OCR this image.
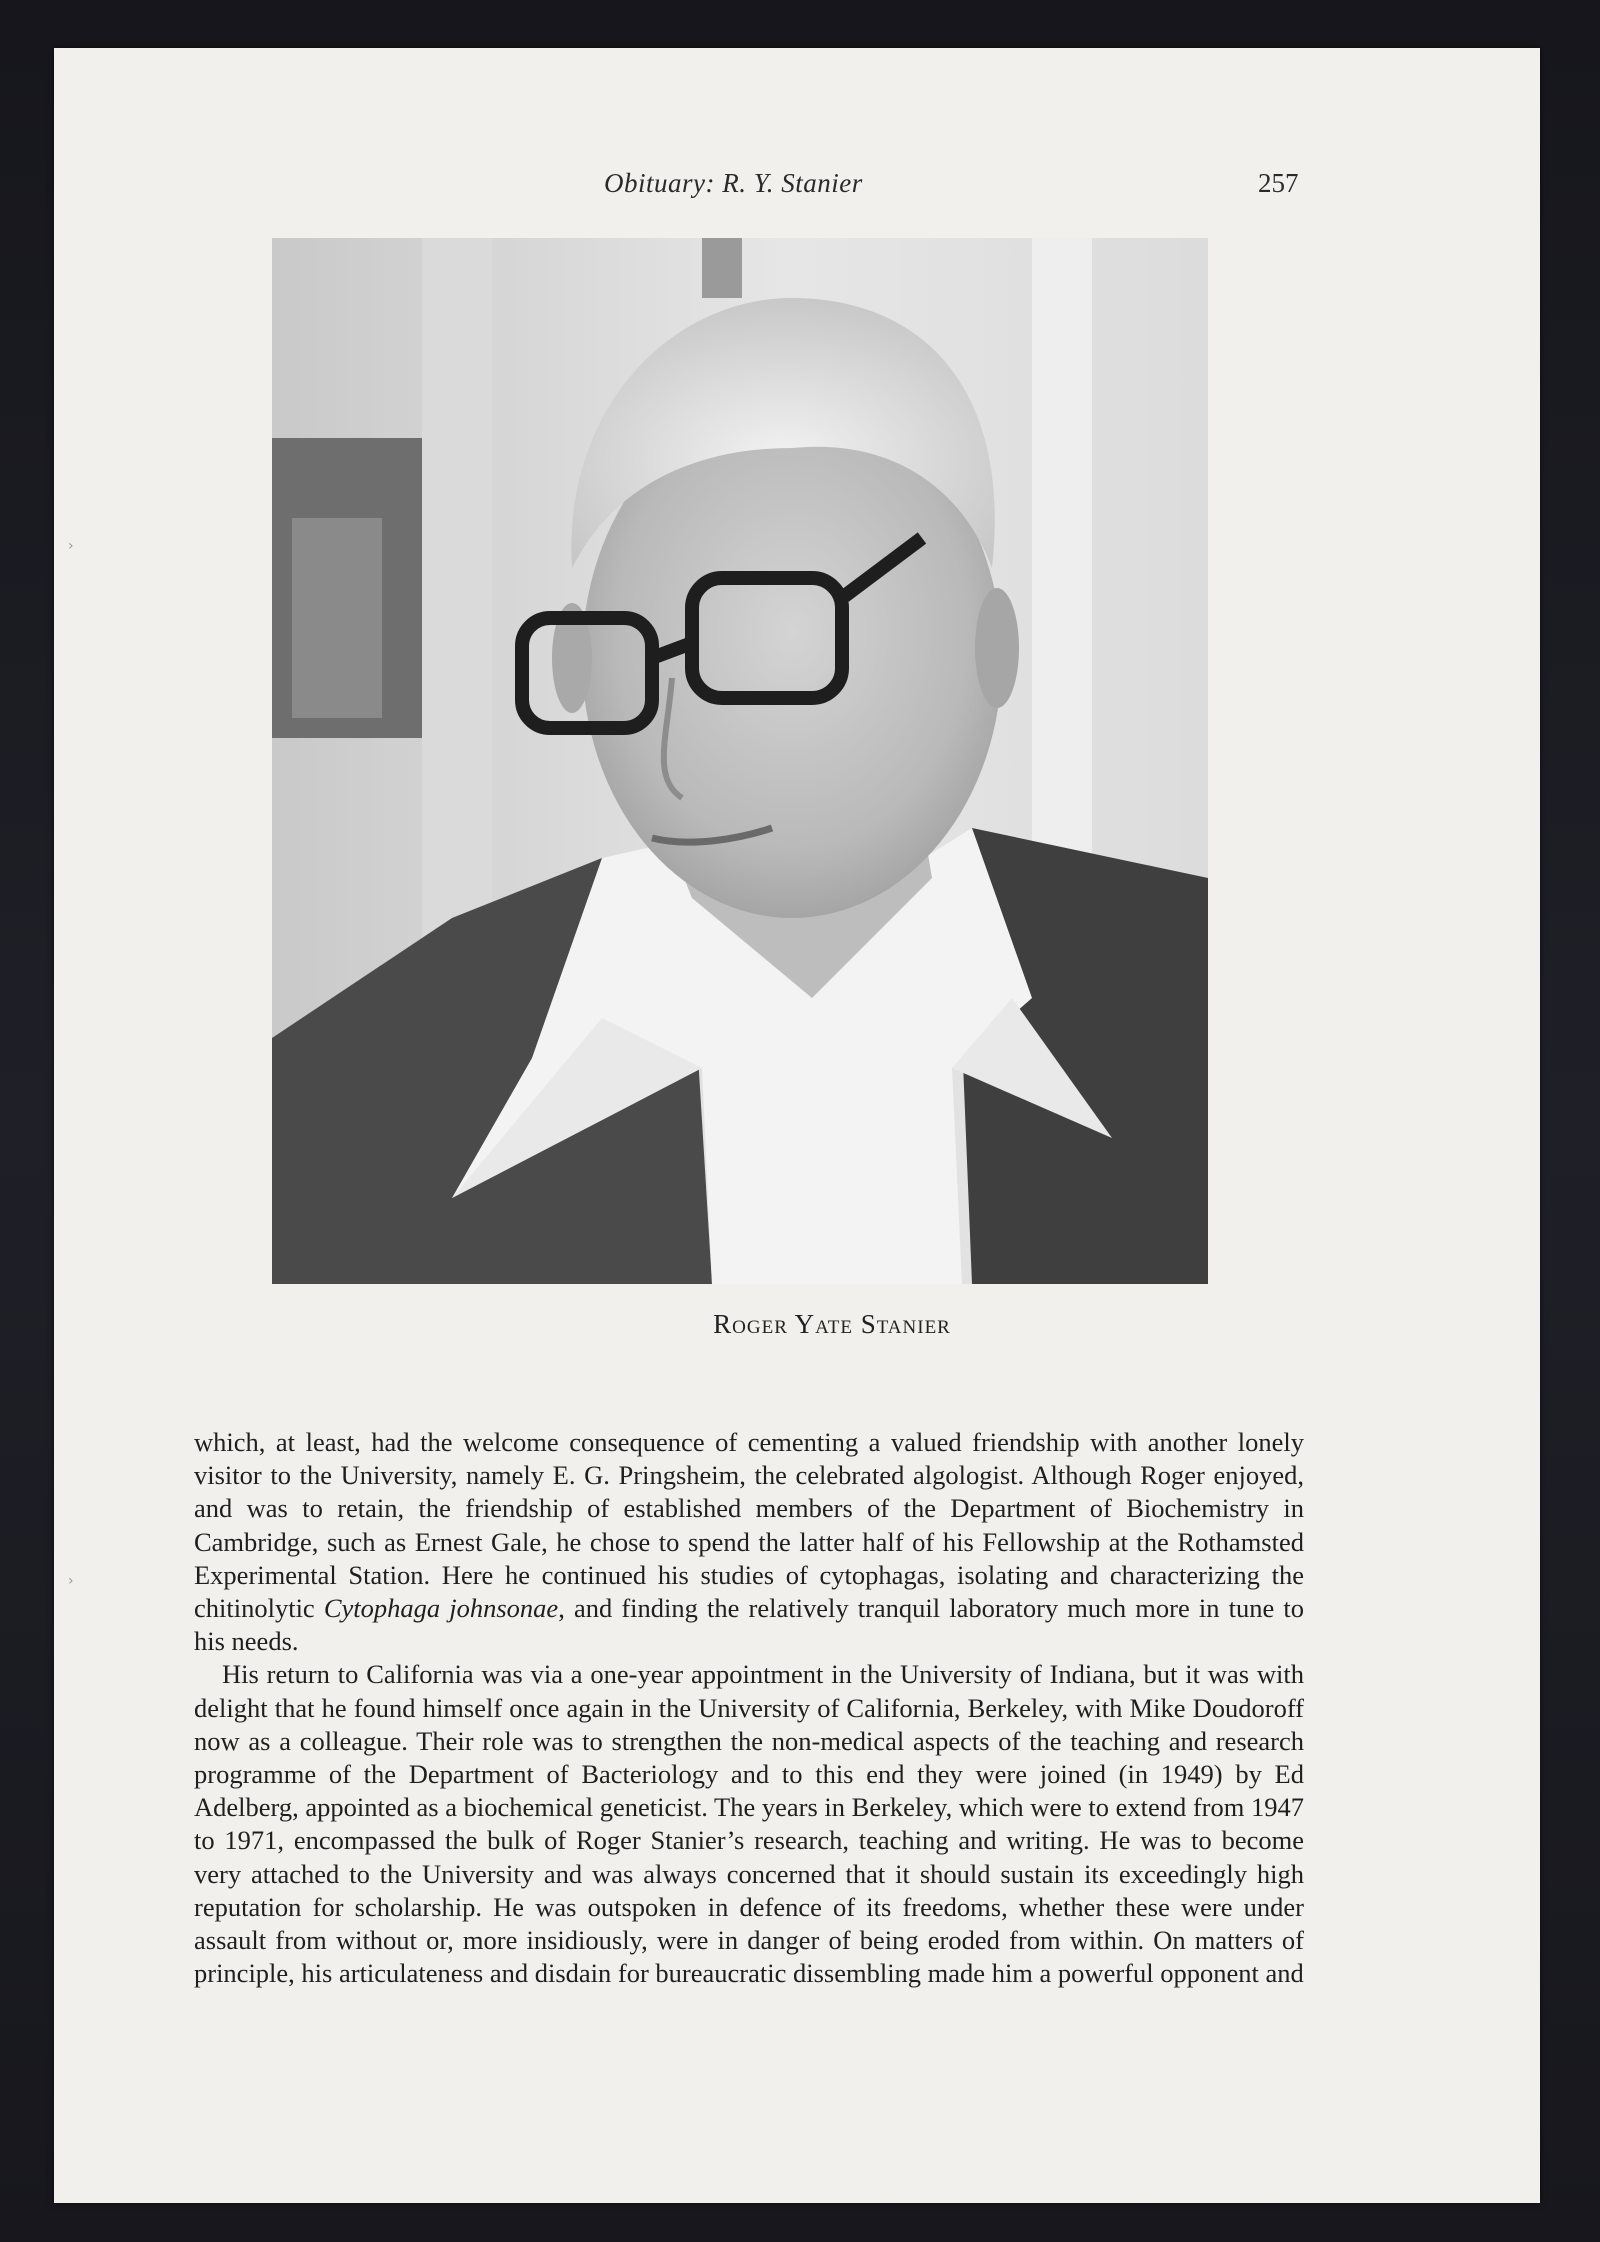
Obituary: R. Y. Stanier	257
Roger Yate Stanier

which, at least, had the welcome consequence of cementing a valued friendship with another lonely visitor to the University, namely E. G. Pringsheim, the celebrated algologist. Although Roger enjoyed, and was to retain, the friendship of established members of the Department of Biochemistry in Cambridge, such as Ernest Gale, he chose to spend the latter half of his Fellowship at the Rothamsted Experimental Station. Here he continued his studies of cytophagas, isolating and characterizing the chitinolytic Cytophaga johnsonae, and finding the relatively tranquil laboratory much more in tune to his needs.

His return to California was via a one-year appointment in the University of Indiana, but it was with delight that he found himself once again in the University of California, Berkeley, with Mike Doudoroff now as a colleague. Their role was to strengthen the non-medical aspects of the teaching and research programme of the Department of Bacteriology and to this end they were joined (in 1949) by Ed Adelberg, appointed as a biochemical geneticist. The years in Berkeley, which were to extend from 1947 to 1971, encompassed the bulk of Roger Stanier’s research, teaching and writing. He was to become very attached to the University and was always concerned that it should sustain its exceedingly high reputation for scholarship. He was outspoken in defence of its freedoms, whether these were under assault from without or, more insidiously, were in danger of being eroded from within. On matters of principle, his articulateness and disdain for bureaucratic dissembling made him a powerful opponent and

›
›
